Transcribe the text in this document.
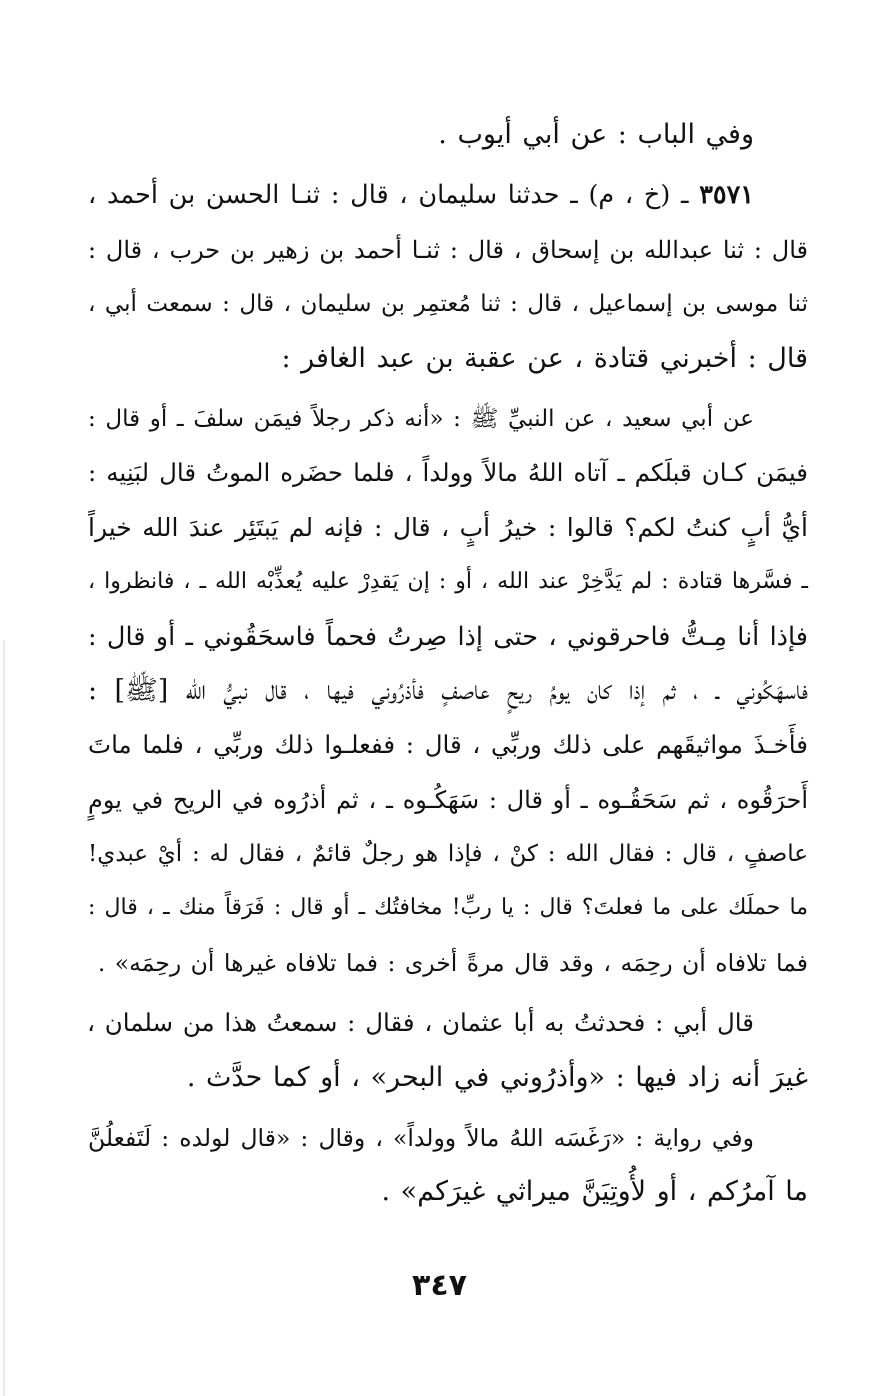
وفي الباب : عن أبي أيوب .
٣٥٧١ ـ (خ ، م) ـ حدثنا سليمان ، قال : ثنـا الحسن بن أحمد ،
قال : ثنا عبدالله بن إسحاق ، قال : ثنـا أحمد بن زهير بن حرب ، قال :
ثنا موسى بن إسماعيل ، قال : ثنا مُعتمِر بن سليمان ، قال : سمعت أبي ،
قال : أخبرني قتادة ، عن عقبة بن عبد الغافر :
عن أبي سعيد ، عن النبيِّ ﷺ : «أنه ذكر رجلاً فيمَن سلفَ ـ أو قال :
فيمَن كـان قبلَكم ـ آتاه اللهُ مالاً وولداً ، فلما حضَره الموتُ قال لبَنِيه :
أيُّ أبٍ كنتُ لكم؟ قالوا : خيرُ أبٍ ، قال : فإنه لم يَبتَئِر عندَ الله خيراً
ـ فسَّرها قتادة : لم يَدَّخِرْ عند الله ، أو : إن يَقدِرْ عليه يُعذِّبْه الله ـ ، فانظروا ،
فإذا أنا مِـتُّ فاحرقوني ، حتى إذا صِرتُ فحماً فاسحَقُوني ـ أو قال :
فاسهَكُوني ـ ، ثم إذا كان يومُ ريحٍ عاصفٍ فأذرُوني فيها ، قال نبيُّ الله [ﷺ] :
فأَخـذَ مواثيقَهم على ذلك وربِّي ، قال : ففعلـوا ذلك وربِّي ، فلما ماتَ
أَحرَقُوه ، ثم سَحَقُـوه ـ أو قال : سَهَكُـوه ـ ، ثم أذرُوه في الريح في يومٍ
عاصفٍ ، قال : فقال الله : كنْ ، فإذا هو رجلٌ قائمٌ ، فقال له : أيْ عبدي!
ما حملَك على ما فعلتَ؟ قال : يا ربِّ! مخافتُك ـ أو قال : فَرَقاً منك ـ ، قال :
فما تلافاه أن رحِمَه ، وقد قال مرةً أخرى : فما تلافاه غيرها أن رحِمَه» .
قال أبي : فحدثتُ به أبا عثمان ، فقال : سمعتُ هذا من سلمان ،
غيرَ أنه زاد فيها : «وأذرُوني في البحر» ، أو كما حدَّث .
وفي رواية : «رَغَسَه اللهُ مالاً وولداً» ، وقال : «قال لولده : لَتَفعلُنَّ
ما آمرُكم ، أو لأُوتِيَنَّ ميراثي غيرَكم» .
٣٤٧
